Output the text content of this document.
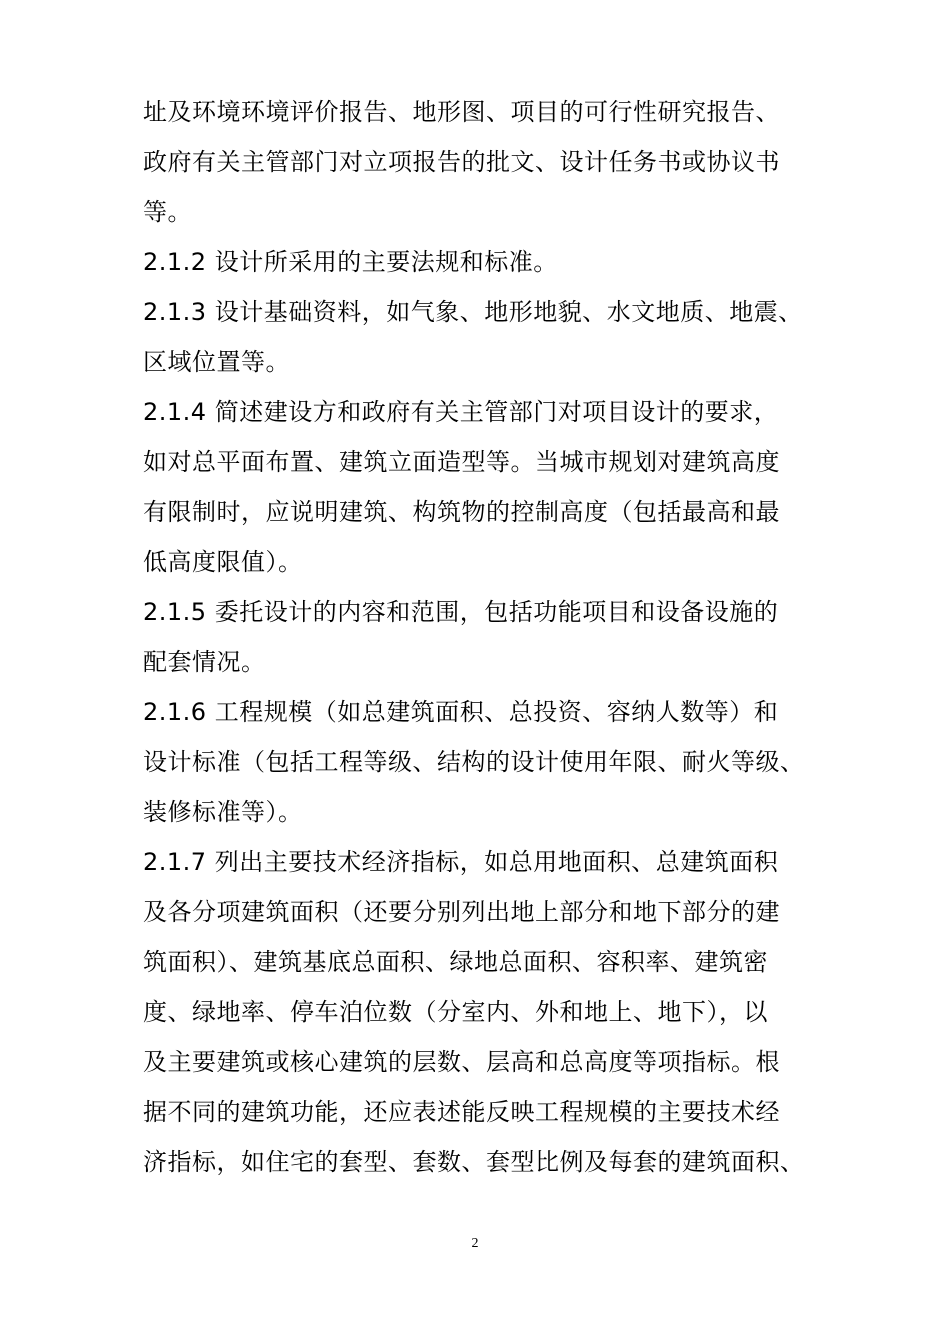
址及环境环境评价报告、地形图、项目的可行性研究报告、
政府有关主管部门对立项报告的批文、设计任务书或协议书
等。
2.1.2 设计所采用的主要法规和标准。
2.1.3 设计基础资料，如气象、地形地貌、水文地质、地震、
区域位置等。
2.1.4 简述建设方和政府有关主管部门对项目设计的要求，
如对总平面布置、建筑立面造型等。当城市规划对建筑高度
有限制时，应说明建筑、构筑物的控制高度（包括最高和最
低高度限值）。
2.1.5 委托设计的内容和范围，包括功能项目和设备设施的
配套情况。
2.1.6 工程规模（如总建筑面积、总投资、容纳人数等）和
设计标准（包括工程等级、结构的设计使用年限、耐火等级、
装修标准等）。
2.1.7 列出主要技术经济指标，如总用地面积、总建筑面积
及各分项建筑面积（还要分别列出地上部分和地下部分的建
筑面积）、建筑基底总面积、绿地总面积、容积率、建筑密
度、绿地率、停车泊位数（分室内、外和地上、地下），以
及主要建筑或核心建筑的层数、层高和总高度等项指标。根
据不同的建筑功能，还应表述能反映工程规模的主要技术经
济指标，如住宅的套型、套数、套型比例及每套的建筑面积、
2
